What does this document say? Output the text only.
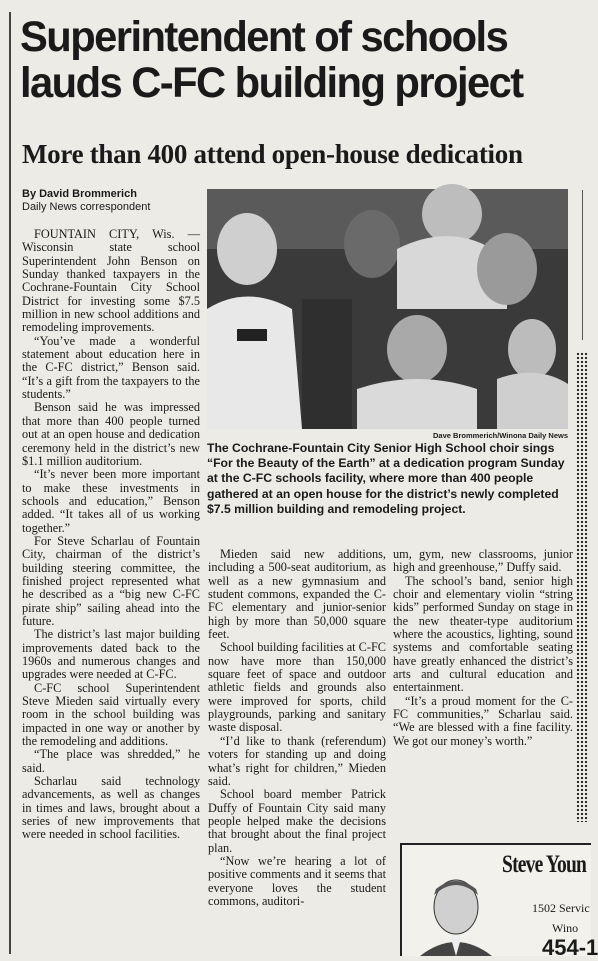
Superintendent of schools lauds C-FC building project
More than 400 attend open-house dedication
By David Brommerich
Daily News correspondent

FOUNTAIN CITY, Wis. — Wisconsin state school Superintendent John Benson on Sunday thanked taxpayers in the Cochrane-Fountain City School District for investing some $7.5 million in new school additions and remodeling improvements.

“You’ve made a wonderful statement about education here in the C-FC district,” Benson said. “It’s a gift from the taxpayers to the students.”

Benson said he was impressed that more than 400 people turned out at an open house and dedication ceremony held in the district’s new $1.1 million auditorium.

“It’s never been more important to make these investments in schools and education,” Benson added. “It takes all of us working together.”

For Steve Scharlau of Fountain City, chairman of the district’s building steering committee, the finished project represented what he described as a “big new C-FC pirate ship” sailing ahead into the future.

The district’s last major building improvements dated back to the 1960s and numerous changes and upgrades were needed at C-FC.

C-FC school Superintendent Steve Mieden said virtually every room in the school building was impacted in one way or another by the remodeling and additions.

“The place was shredded,” he said.

Scharlau said technology advancements, as well as changes in times and laws, brought about a series of new improvements that were needed in school facilities.

Dave Brommerich/Winona Daily News

The Cochrane-Fountain City Senior High School choir sings “For the Beauty of the Earth” at a dedication program Sunday at the C-FC schools facility, where more than 400 people gathered at an open house for the district’s newly completed $7.5 million building and remodeling project.

Mieden said new additions, including a 500-seat auditorium, as well as a new gymnasium and student commons, expanded the C-FC elementary and junior-senior high by more than 50,000 square feet.

School building facilities at C-FC now have more than 150,000 square feet of space and outdoor athletic fields and grounds also were improved for sports, child playgrounds, parking and sanitary waste disposal.

“I’d like to thank (referendum) voters for standing up and doing what’s right for children,” Mieden said.

School board member Patrick Duffy of Fountain City said many people helped make the decisions that brought about the final project plan.

“Now we’re hearing a lot of positive comments and it seems that everyone loves the student commons, auditori-

um, gym, new classrooms, junior high and greenhouse,” Duffy said.

The school’s band, senior high choir and elementary violin “string kids” performed Sunday on stage in the new theater-type auditorium where the acoustics, lighting, sound systems and comfortable seating have greatly enhanced the district’s arts and cultural education and entertainment.

“It’s a proud moment for the C-FC communities,” Scharlau said. “We are blessed with a fine facility. We got our money’s worth.”

Steve Youn
1502 Servic
Wino
454-1
